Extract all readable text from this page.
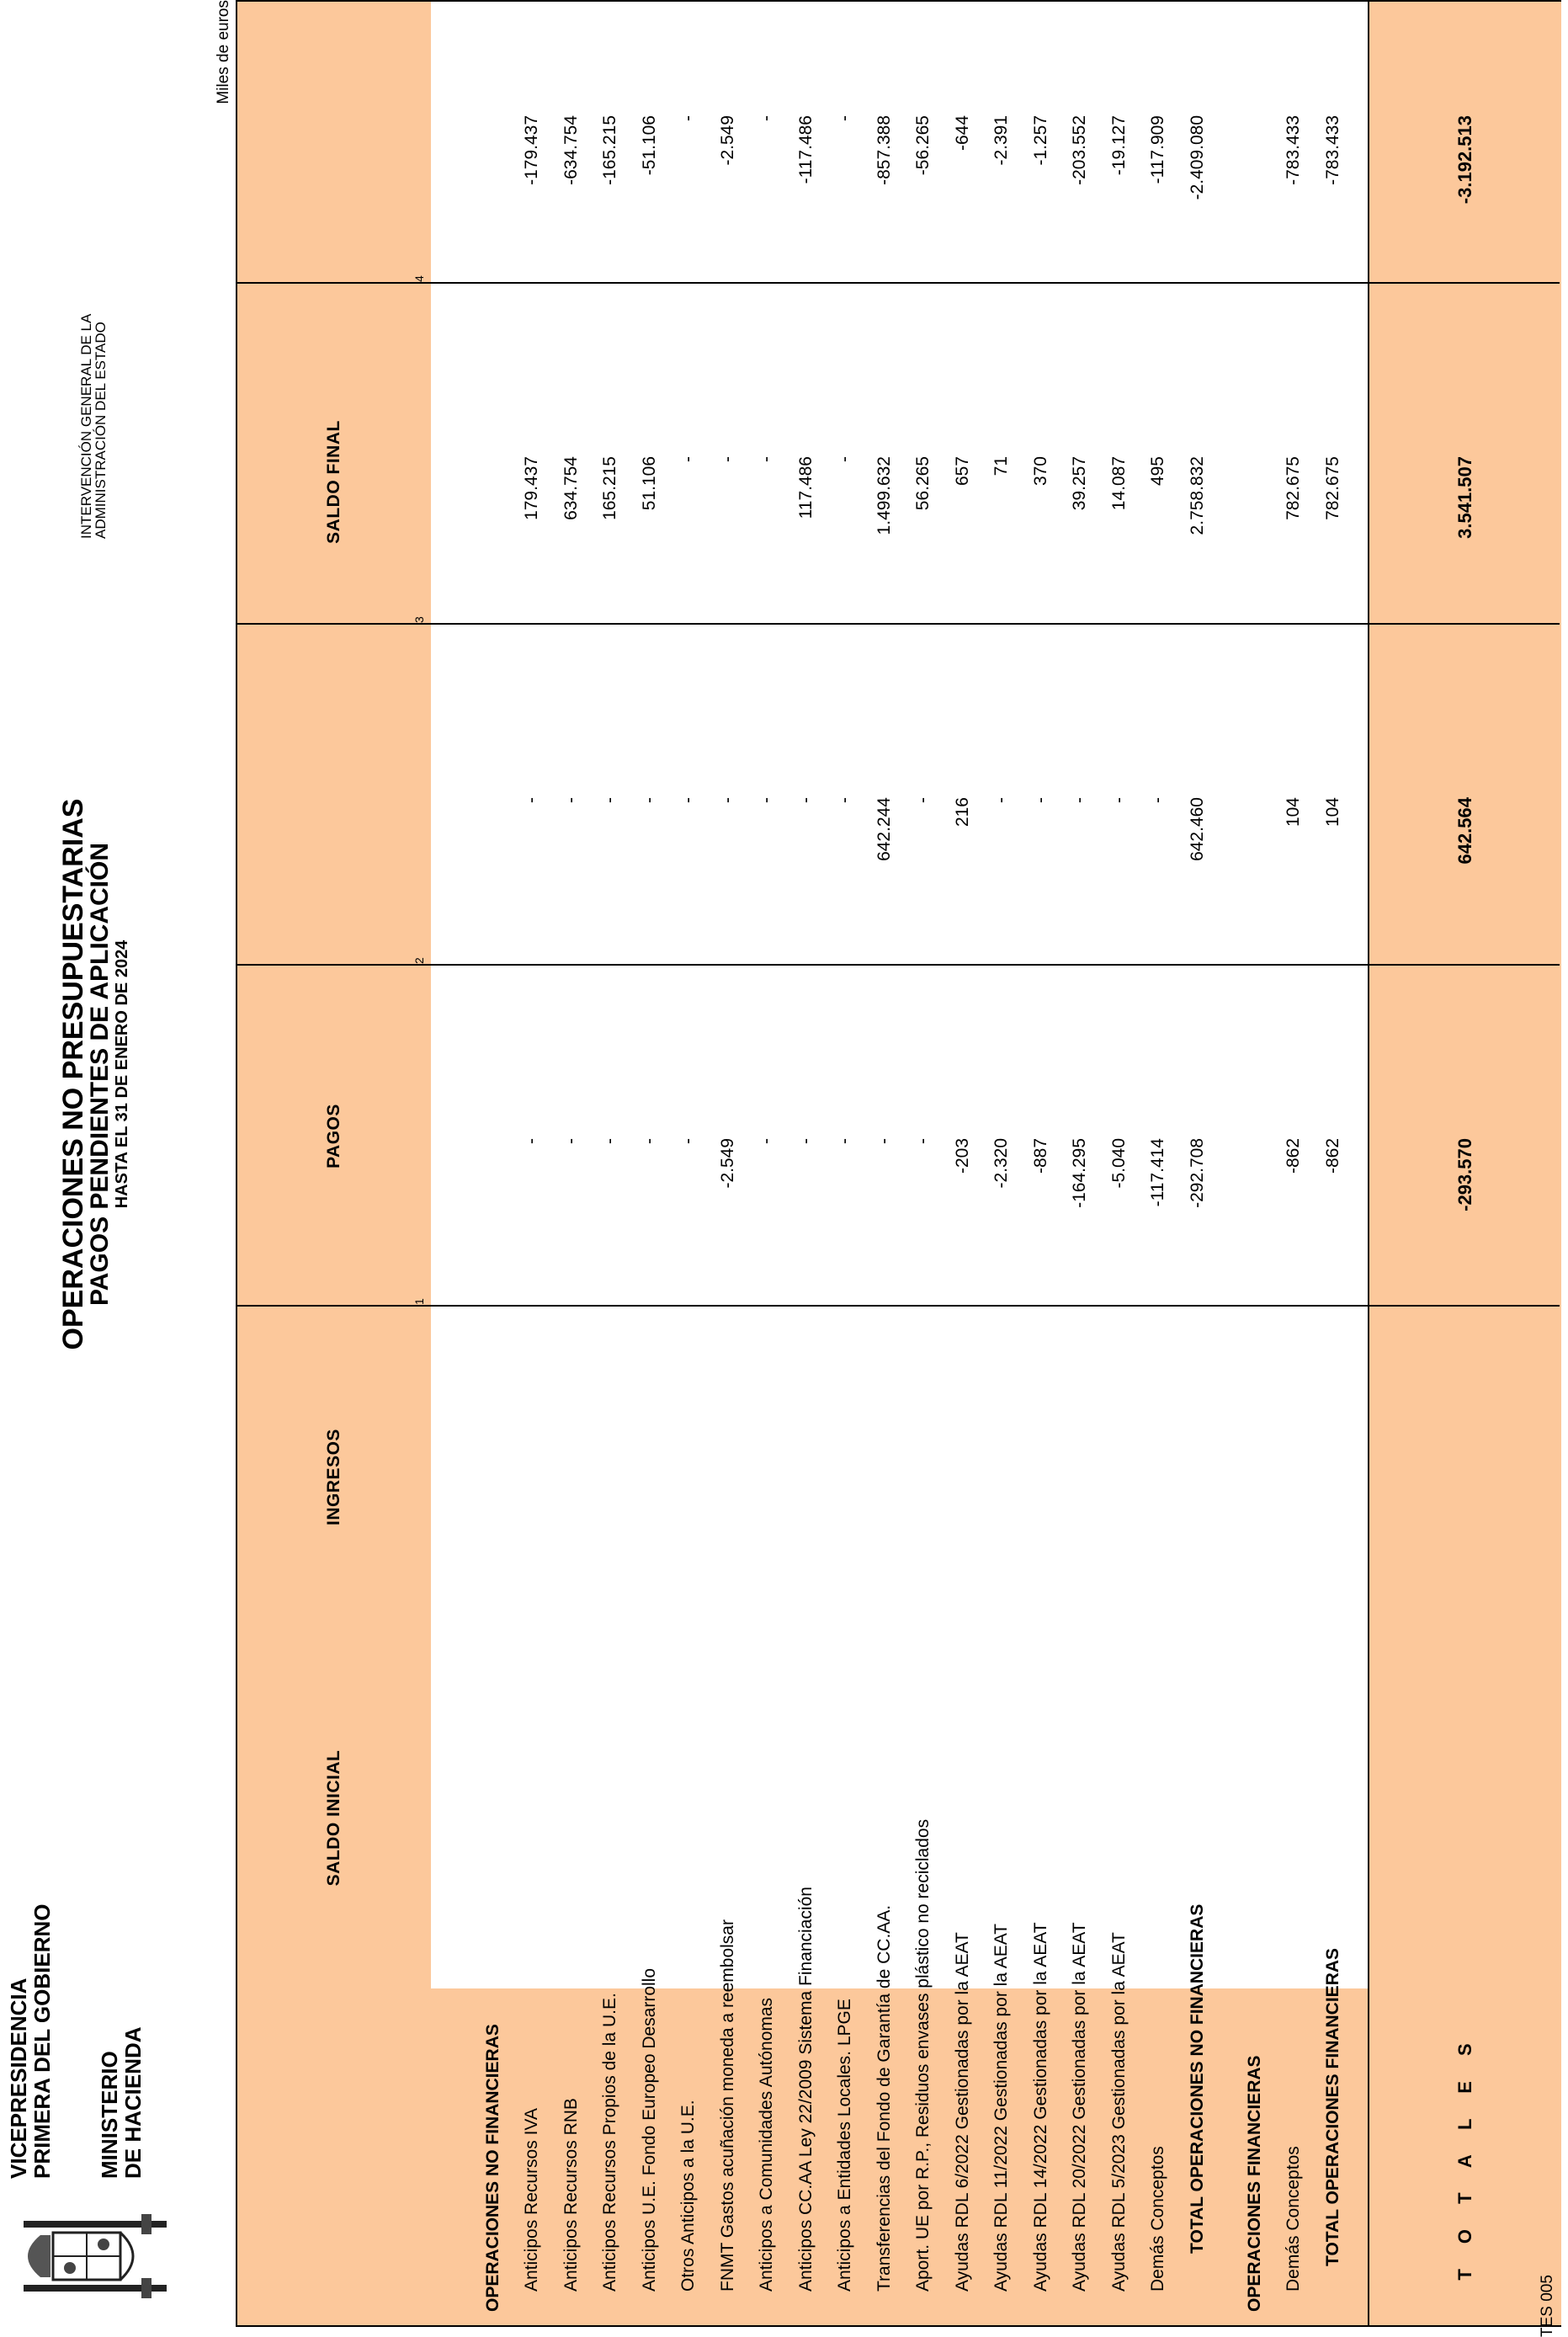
VICEPRESIDENCIA
PRIMERA DEL GOBIERNO MINISTERIO
DE HACIENDA
OPERACIONES NO PRESUPUESTARIAS
PAGOS PENDIENTES DE APLICACIÓN HASTA EL 31 DE ENERO DE 2024
INTERVENCIÓN GENERAL DE LA
ADMINISTRACIÓN DEL ESTADO
Miles de euros
SALDO INICIAL
INGRESOS
PAGOS
SALDO FINAL
1
2
3
4
T O T A L E S
-293.570
642.564
3.541.507
-3.192.513
OPERACIONES NO FINANCIERAS Anticipos Recursos IVA
-
-
179.437
-179.437
Anticipos Recursos RNB
-
-
634.754
-634.754
Anticipos Recursos Propios de la U.E.
-
-
165.215
-165.215
Anticipos U.E. Fondo Europeo Desarrollo
-
-
51.106
-51.106
Otros Anticipos a la U.E.
-
-
-
-
FNMT Gastos acuñación moneda a reembolsar
-2.549
-
-
-2.549
Anticipos a Comunidades Autónomas
-
-
-
-
Anticipos CC.AA Ley 22/2009 Sistema Financiación
-
-
117.486
-117.486
Anticipos a Entidades Locales. LPGE
-
-
-
-
Transferencias del Fondo de Garantía de CC.AA.
-
642.244
1.499.632
-857.388
Aport. UE por R.P., Residuos envases plástico no reciclados
-
-
56.265
-56.265
Ayudas RDL 6/2022 Gestionadas por la AEAT
-203
216
657
-644
Ayudas RDL 11/2022 Gestionadas por la AEAT
-2.320
-
71
-2.391
Ayudas RDL 14/2022 Gestionadas por la AEAT
-887
-
370
-1.257
Ayudas RDL 20/2022 Gestionadas por la AEAT
-164.295
-
39.257
-203.552
Ayudas RDL 5/2023 Gestionadas por la AEAT
-5.040
-
14.087
-19.127
Demás Conceptos
-117.414
-
495
-117.909
TOTAL OPERACIONES NO FINANCIERAS
-292.708
642.460
2.758.832
-2.409.080
OPERACIONES FINANCIERAS Demás Conceptos
-862
104
782.675
-783.433
TOTAL OPERACIONES FINANCIERAS
-862
104
782.675
-783.433
TES 005
